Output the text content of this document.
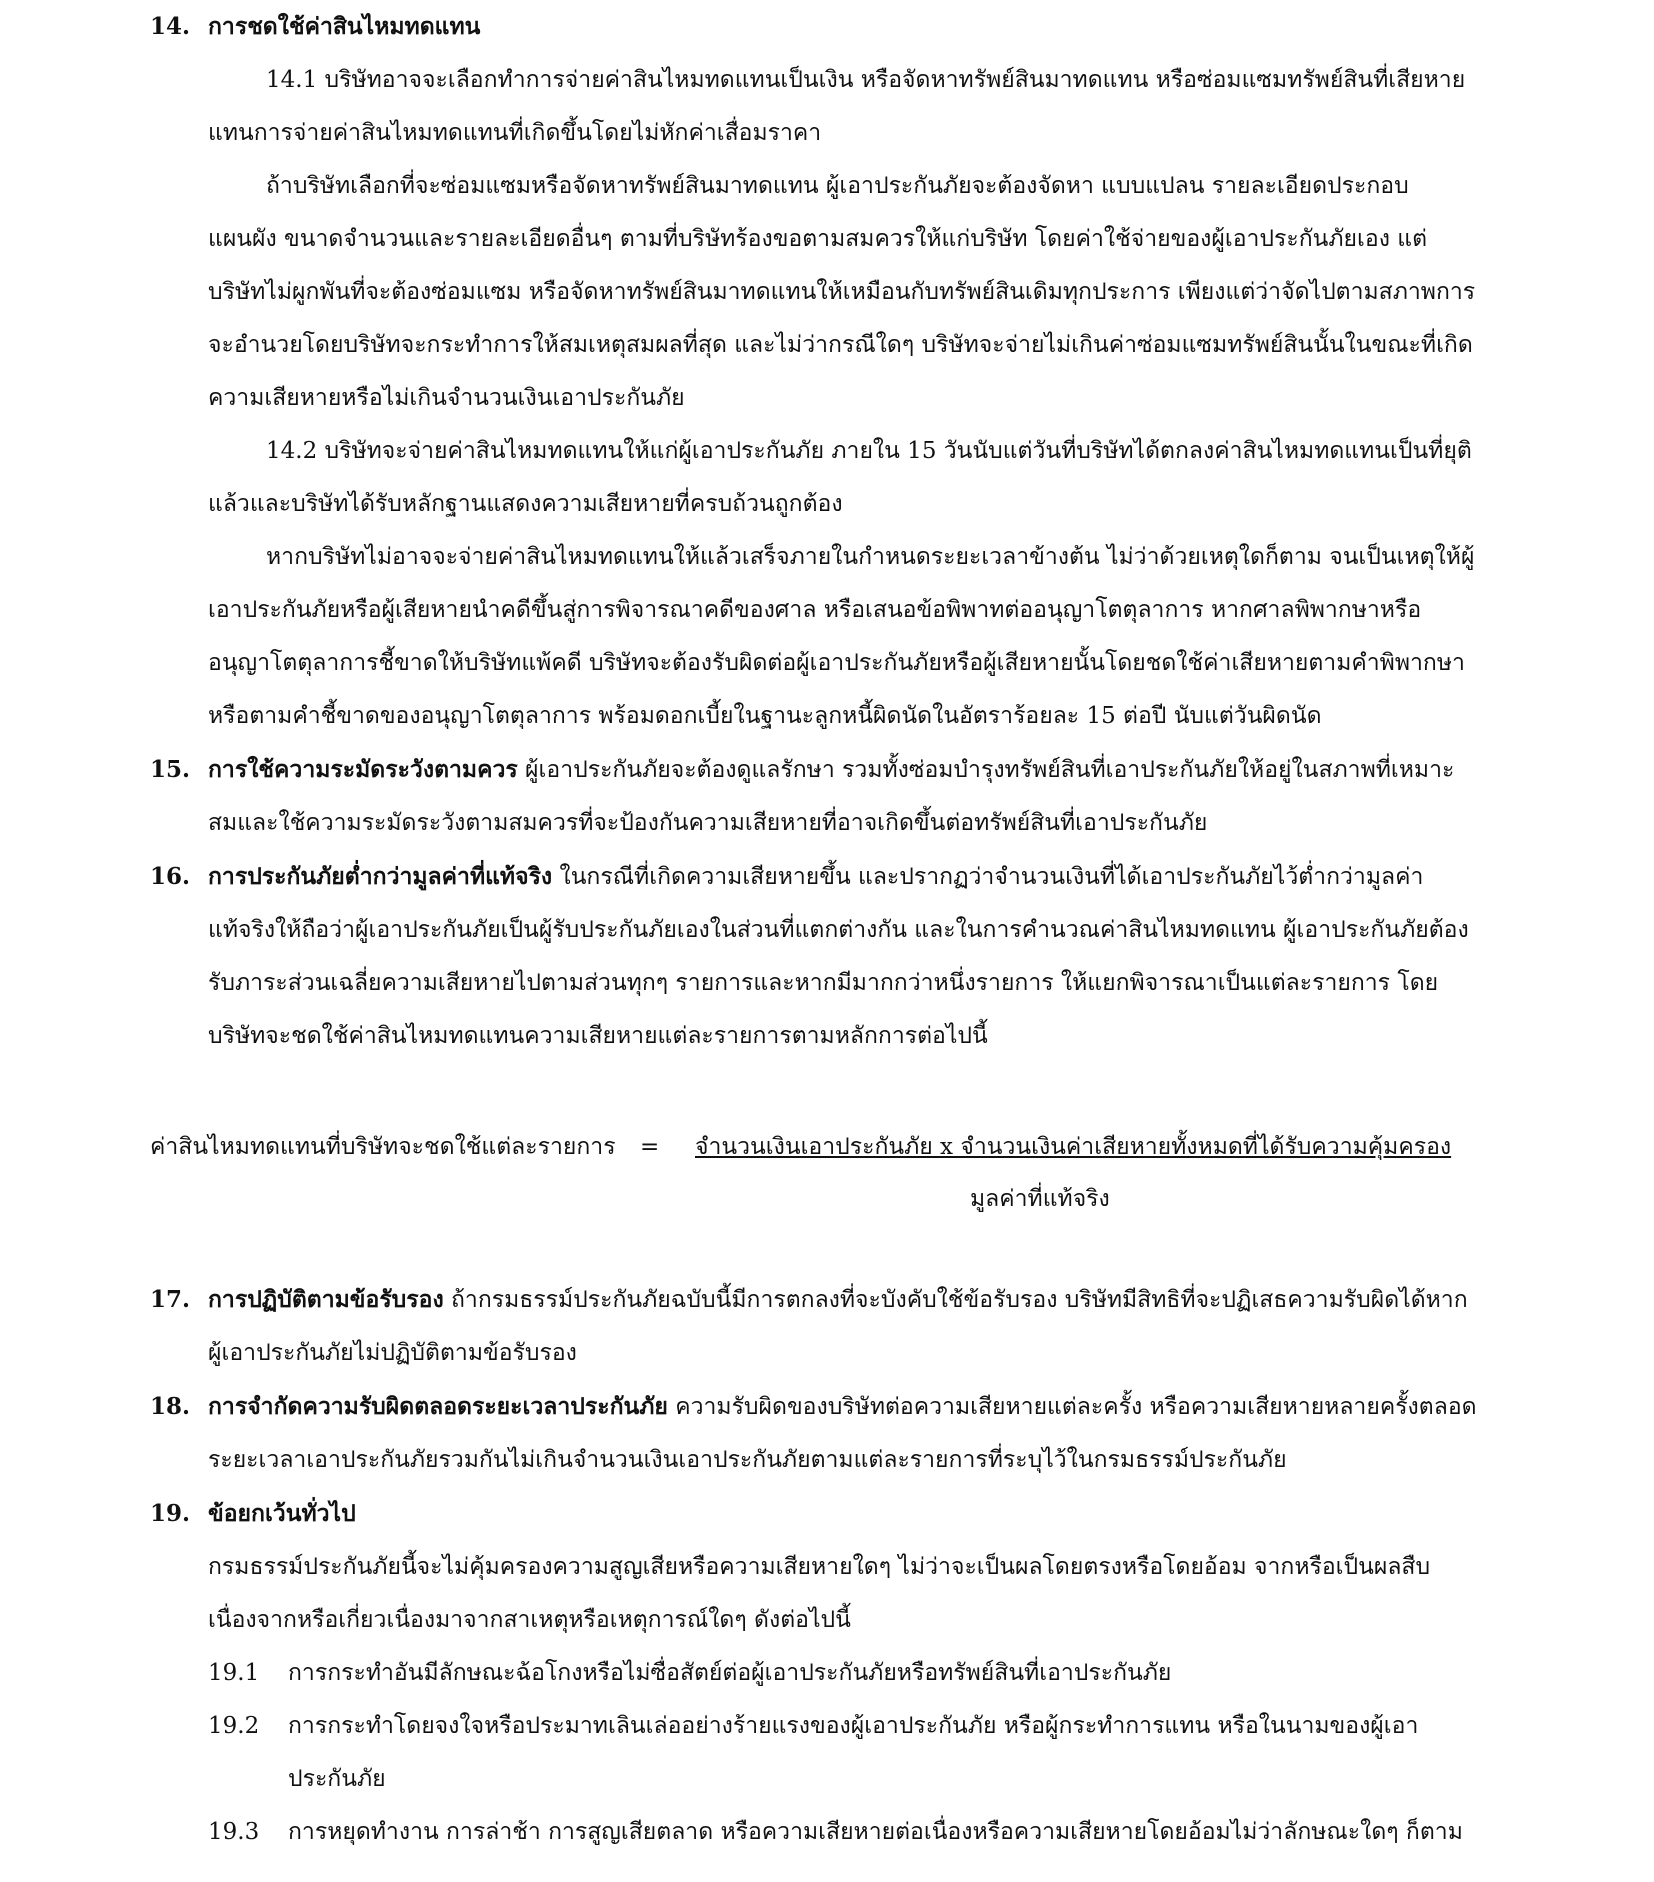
14. การชดใช้ค่าสินไหมทดแทน

14.1 บริษัทอาจจะเลือกทำการจ่ายค่าสินไหมทดแทนเป็นเงิน หรือจัดหาทรัพย์สินมาทดแทน หรือซ่อมแซมทรัพย์สินที่เสียหายแทนการจ่ายค่าสินไหมทดแทนที่เกิดขึ้นโดยไม่หักค่าเสื่อมราคา

ถ้าบริษัทเลือกที่จะซ่อมแซมหรือจัดหาทรัพย์สินมาทดแทน ผู้เอาประกันภัยจะต้องจัดหา แบบแปลน รายละเอียดประกอบ แผนผัง ขนาดจำนวนและรายละเอียดอื่นๆ ตามที่บริษัทร้องขอตามสมควรให้แก่บริษัท โดยค่าใช้จ่ายของผู้เอาประกันภัยเอง แต่บริษัทไม่ผูกพันที่จะต้องซ่อมแซม หรือจัดหาทรัพย์สินมาทดแทนให้เหมือนกับทรัพย์สินเดิมทุกประการ เพียงแต่ว่าจัดไปตามสภาพการจะอำนวยโดยบริษัทจะกระทำการให้สมเหตุสมผลที่สุด และไม่ว่ากรณีใดๆ บริษัทจะจ่ายไม่เกินค่าซ่อมแซมทรัพย์สินนั้นในขณะที่เกิดความเสียหายหรือไม่เกินจำนวนเงินเอาประกันภัย

14.2 บริษัทจะจ่ายค่าสินไหมทดแทนให้แก่ผู้เอาประกันภัย ภายใน 15 วันนับแต่วันที่บริษัทได้ตกลงค่าสินไหมทดแทนเป็นที่ยุติแล้วและบริษัทได้รับหลักฐานแสดงความเสียหายที่ครบถ้วนถูกต้อง

หากบริษัทไม่อาจจะจ่ายค่าสินไหมทดแทนให้แล้วเสร็จภายในกำหนดระยะเวลาข้างต้น ไม่ว่าด้วยเหตุใดก็ตาม จนเป็นเหตุให้ผู้เอาประกันภัยหรือผู้เสียหายนำคดีขึ้นสู่การพิจารณาคดีของศาล หรือเสนอข้อพิพาทต่ออนุญาโตตุลาการ หากศาลพิพากษาหรืออนุญาโตตุลาการชี้ขาดให้บริษัทแพ้คดี บริษัทจะต้องรับผิดต่อผู้เอาประกันภัยหรือผู้เสียหายนั้นโดยชดใช้ค่าเสียหายตามคำพิพากษาหรือตามคำชี้ขาดของอนุญาโตตุลาการ พร้อมดอกเบี้ยในฐานะลูกหนี้ผิดนัดในอัตราร้อยละ 15 ต่อปี นับแต่วันผิดนัด

15. การใช้ความระมัดระวังตามควร ผู้เอาประกันภัยจะต้องดูแลรักษา รวมทั้งซ่อมบำรุงทรัพย์สินที่เอาประกันภัยให้อยู่ในสภาพที่เหมาะสมและใช้ความระมัดระวังตามสมควรที่จะป้องกันความเสียหายที่อาจเกิดขึ้นต่อทรัพย์สินที่เอาประกันภัย

16. การประกันภัยต่ำกว่ามูลค่าที่แท้จริง ในกรณีที่เกิดความเสียหายขึ้น และปรากฏว่าจำนวนเงินที่ได้เอาประกันภัยไว้ต่ำกว่ามูลค่าแท้จริงให้ถือว่าผู้เอาประกันภัยเป็นผู้รับประกันภัยเองในส่วนที่แตกต่างกัน และในการคำนวณค่าสินไหมทดแทน ผู้เอาประกันภัยต้องรับภาระส่วนเฉลี่ยความเสียหายไปตามส่วนทุกๆ รายการและหากมีมากกว่าหนึ่งรายการ ให้แยกพิจารณาเป็นแต่ละรายการ โดยบริษัทจะชดใช้ค่าสินไหมทดแทนความเสียหายแต่ละรายการตามหลักการต่อไปนี้

ค่าสินไหมทดแทนที่บริษัทจะชดใช้แต่ละรายการ = จำนวนเงินเอาประกันภัย x จำนวนเงินค่าเสียหายทั้งหมดที่ได้รับความคุ้มครอง
มูลค่าที่แท้จริง
17. การปฏิบัติตามข้อรับรอง ถ้ากรมธรรม์ประกันภัยฉบับนี้มีการตกลงที่จะบังคับใช้ข้อรับรอง บริษัทมีสิทธิที่จะปฏิเสธความรับผิดได้หากผู้เอาประกันภัยไม่ปฏิบัติตามข้อรับรอง

18. การจำกัดความรับผิดตลอดระยะเวลาประกันภัย ความรับผิดของบริษัทต่อความเสียหายแต่ละครั้ง หรือความเสียหายหลายครั้งตลอดระยะเวลาเอาประกันภัยรวมกันไม่เกินจำนวนเงินเอาประกันภัยตามแต่ละรายการที่ระบุไว้ในกรมธรรม์ประกันภัย

19. ข้อยกเว้นทั่วไป

กรมธรรม์ประกันภัยนี้จะไม่คุ้มครองความสูญเสียหรือความเสียหายใดๆ ไม่ว่าจะเป็นผลโดยตรงหรือโดยอ้อม จากหรือเป็นผลสืบเนื่องจากหรือเกี่ยวเนื่องมาจากสาเหตุหรือเหตุการณ์ใดๆ ดังต่อไปนี้

19.1	การกระทำอันมีลักษณะฉ้อโกงหรือไม่ซื่อสัตย์ต่อผู้เอาประกันภัยหรือทรัพย์สินที่เอาประกันภัย
19.2	การกระทำโดยจงใจหรือประมาทเลินเล่ออย่างร้ายแรงของผู้เอาประกันภัย หรือผู้กระทำการแทน หรือในนามของผู้เอาประกันภัย
19.3	การหยุดทำงาน การล่าช้า การสูญเสียตลาด หรือความเสียหายต่อเนื่องหรือความเสียหายโดยอ้อมไม่ว่าลักษณะใดๆ ก็ตาม
